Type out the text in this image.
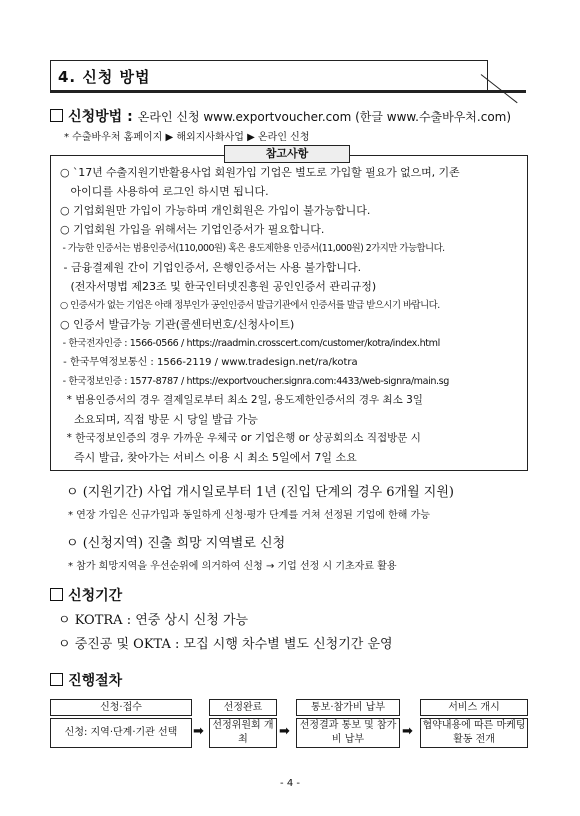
4. 신청 방법
신청방법 : 온라인 신청 www.exportvoucher.com (한글 www.수출바우처.com)
* 수출바우처 홈페이지 ▶ 해외지사화사업 ▶ 온라인 신청
참고사항
○ `17년 수출지원기반활용사업 회원가입 기업은 별도로 가입할 필요가 없으며, 기존
아이디를 사용하여 로그인 하시면 됩니다.
○ 기업회원만 가입이 가능하며 개인회원은 가입이 불가능합니다.
○ 기업회원 가입을 위해서는 기업인증서가 필요합니다.
- 가능한 인증서는 범용인증서(110,000원) 혹은 용도제한용 인증서(11,000원) 2가지만 가능합니다.
- 금융결제원 간이 기업인증서, 은행인증서는 사용 불가합니다.
(전자서명법 제23조 및 한국인터넷진흥원 공인인증서 관리규정)
○ 인증서가 없는 기업은 아래 정부인가 공인인증서 발급기관에서 인증서를 발급 받으시기 바랍니다.
○ 인증서 발급가능 기관(콜센터번호/신청사이트)
- 한국전자인증 : 1566-0566 / https://raadmin.crosscert.com/customer/kotra/index.html
- 한국무역정보통신 : 1566-2119 / www.tradesign.net/ra/kotra
- 한국정보인증 : 1577-8787 / https://exportvoucher.signra.com:4433/web-signra/main.sg
* 범용인증서의 경우 결제일로부터 최소 2일, 용도제한인증서의 경우 최소 3일
소요되며, 직접 방문 시 당일 발급 가능
* 한국정보인증의 경우 가까운 우체국 or 기업은행 or 상공회의소 직접방문 시
즉시 발급, 찾아가는 서비스 이용 시 최소 5일에서 7일 소요
ㅇ (지원기간) 사업 개시일로부터 1년 (진입 단계의 경우 6개월 지원)
* 연장 가입은 신규가입과 동일하게 신청·평가 단계를 거쳐 선정된 기업에 한해 가능
ㅇ (신청지역) 진출 희망 지역별로 신청
* 참가 희망지역을 우선순위에 의거하여 신청 → 기업 선정 시 기초자료 활용
신청기간
ㅇ KOTRA : 연중 상시 신청 가능
ㅇ 중진공 및 OKTA : 모집 시행 차수별 별도 신청기간 운영
진행절차
신청·접수
신청: 지역·단계·기관 선택	➡
선정완료
선정위원회 개최
➡
통보·참가비 납부
선정결과 통보 및 참가비 납부
➡
서비스 개시
협약내용에 따른 마케팅 활동 전개
- 4 -
